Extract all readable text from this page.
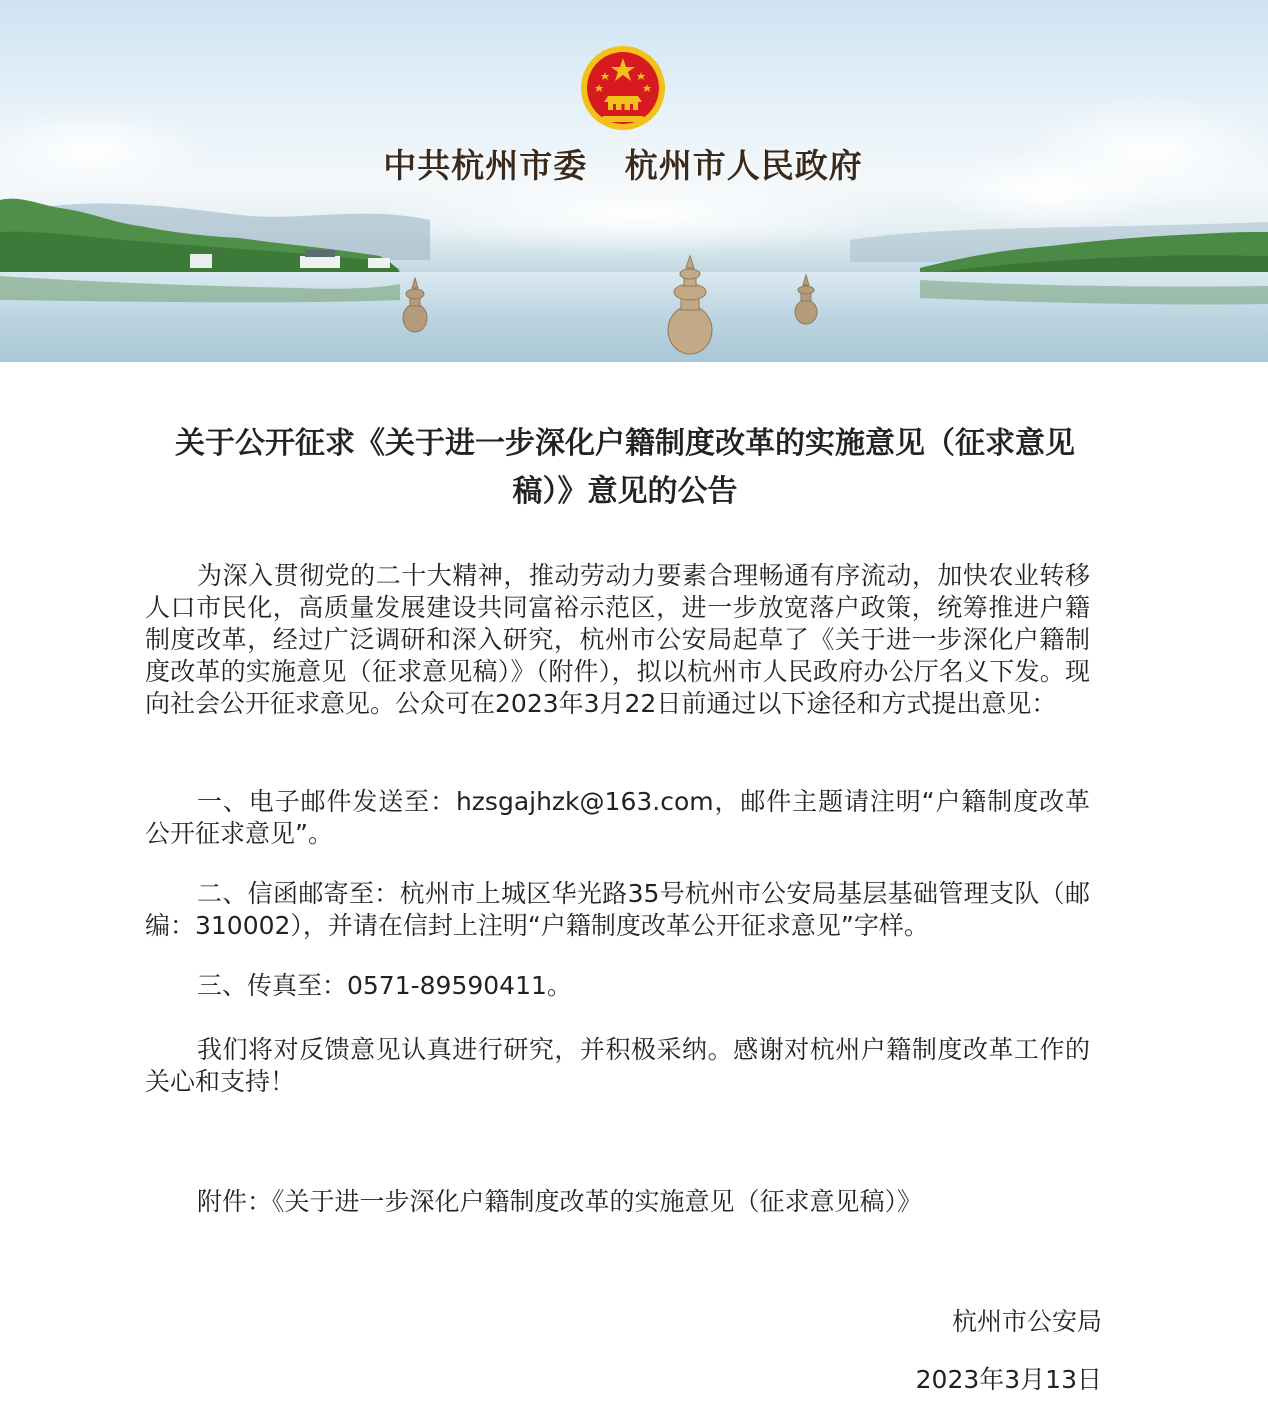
中共杭州市委   杭州市人民政府
关于公开征求《关于进一步深化户籍制度改革的实施意见（征求意见稿）》意见的公告

为深入贯彻党的二十大精神，推动劳动力要素合理畅通有序流动，加快农业转移人口市民化，高质量发展建设共同富裕示范区，进一步放宽落户政策，统筹推进户籍制度改革，经过广泛调研和深入研究，杭州市公安局起草了《关于进一步深化户籍制度改革的实施意见（征求意见稿）》（附件），拟以杭州市人民政府办公厅名义下发。现向社会公开征求意见。公众可在2023年3月22日前通过以下途径和方式提出意见：

一、电子邮件发送至：hzsgajhzk@163.com，邮件主题请注明“户籍制度改革公开征求意见”。

二、信函邮寄至：杭州市上城区华光路35号杭州市公安局基层基础管理支队（邮编：310002），并请在信封上注明“户籍制度改革公开征求意见”字样。

三、传真至：0571-89590411。

我们将对反馈意见认真进行研究，并积极采纳。感谢对杭州户籍制度改革工作的关心和支持！

附件：《关于进一步深化户籍制度改革的实施意见（征求意见稿）》

杭州市公安局
2023年3月13日
